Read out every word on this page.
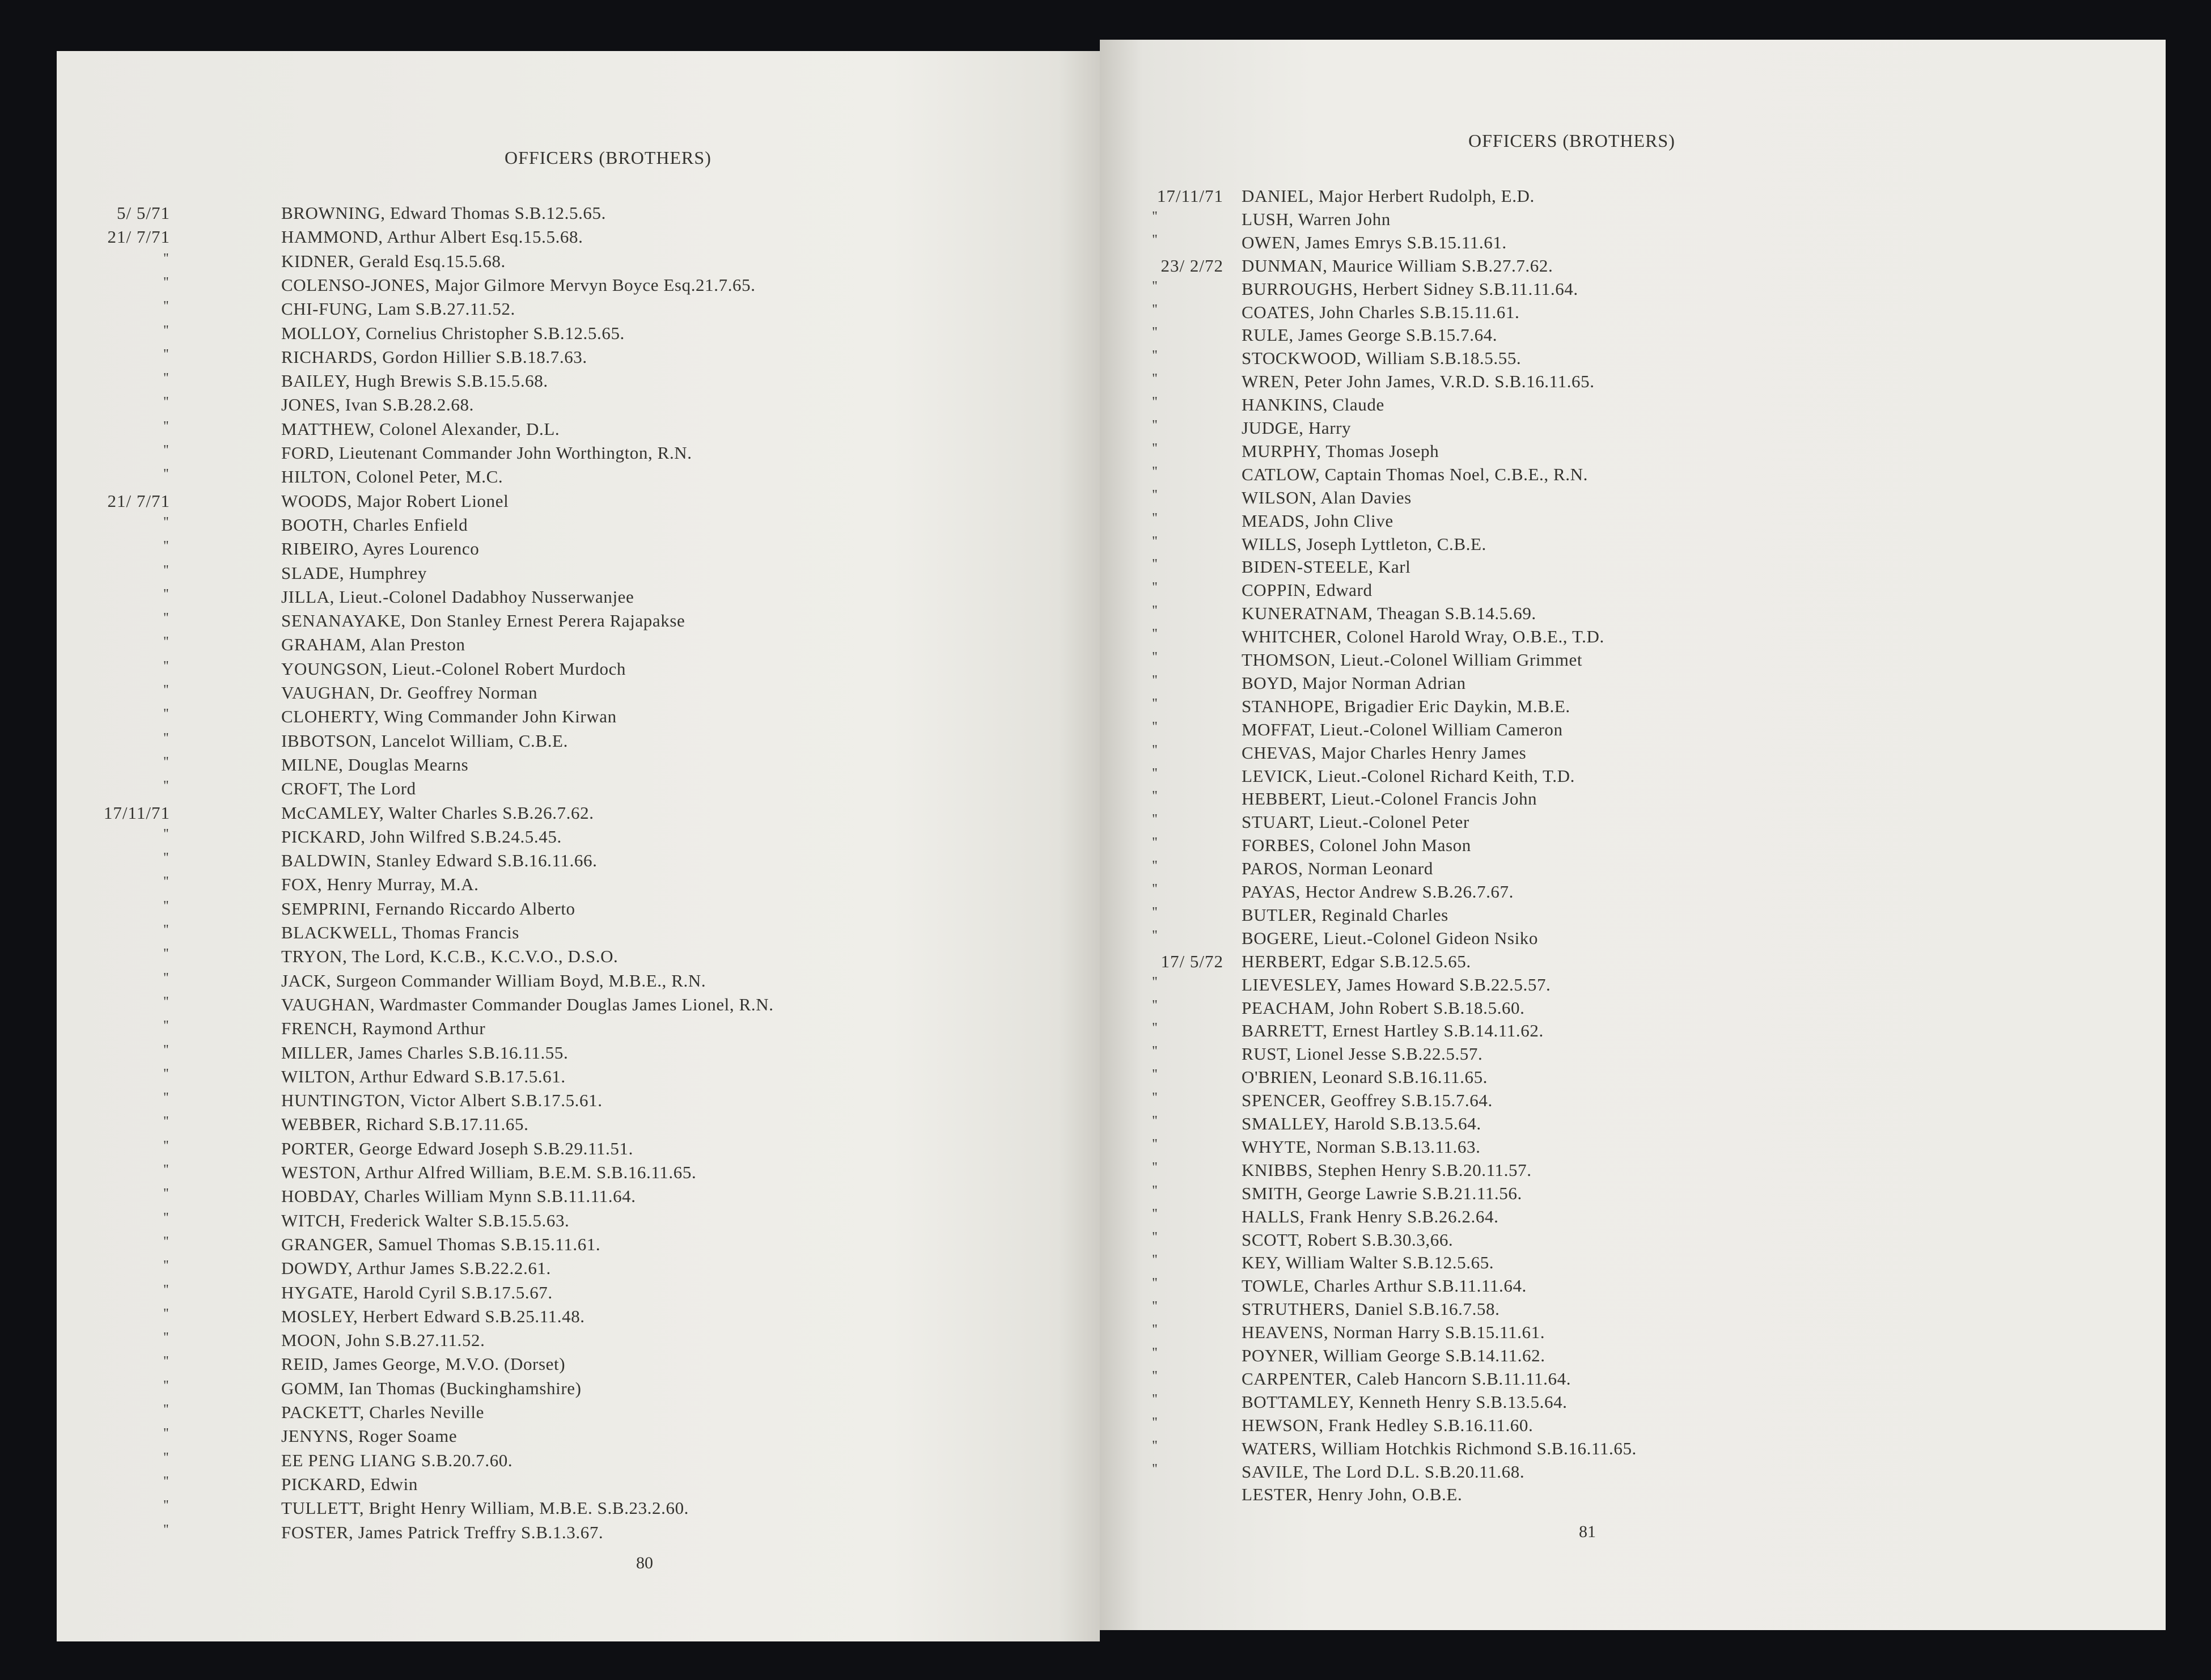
OFFICERS (BROTHERS)
5/ 5/71	BROWNING, Edward Thomas S.B.12.5.65.
21/ 7/71	HAMMOND, Arthur Albert Esq.15.5.68.
"	KIDNER, Gerald Esq.15.5.68.
"	COLENSO-JONES, Major Gilmore Mervyn Boyce Esq.21.7.65.
"	CHI-FUNG, Lam S.B.27.11.52.
"	MOLLOY, Cornelius Christopher S.B.12.5.65.
"	RICHARDS, Gordon Hillier S.B.18.7.63.
"	BAILEY, Hugh Brewis S.B.15.5.68.
"	JONES, Ivan S.B.28.2.68.
"	MATTHEW, Colonel Alexander, D.L.
"	FORD, Lieutenant Commander John Worthington, R.N.
"	HILTON, Colonel Peter, M.C.
21/ 7/71	WOODS, Major Robert Lionel
"	BOOTH, Charles Enfield
"	RIBEIRO, Ayres Lourenco
"	SLADE, Humphrey
"	JILLA, Lieut.-Colonel Dadabhoy Nusserwanjee
"	SENANAYAKE, Don Stanley Ernest Perera Rajapakse
"	GRAHAM, Alan Preston
"	YOUNGSON, Lieut.-Colonel Robert Murdoch
"	VAUGHAN, Dr. Geoffrey Norman
"	CLOHERTY, Wing Commander John Kirwan
"	IBBOTSON, Lancelot William, C.B.E.
"	MILNE, Douglas Mearns
"	CROFT, The Lord
17/11/71	McCAMLEY, Walter Charles S.B.26.7.62.
"	PICKARD, John Wilfred S.B.24.5.45.
"	BALDWIN, Stanley Edward S.B.16.11.66.
"	FOX, Henry Murray, M.A.
"	SEMPRINI, Fernando Riccardo Alberto
"	BLACKWELL, Thomas Francis
"	TRYON, The Lord, K.C.B., K.C.V.O., D.S.O.
"	JACK, Surgeon Commander William Boyd, M.B.E., R.N.
"	VAUGHAN, Wardmaster Commander Douglas James Lionel, R.N.
"	FRENCH, Raymond Arthur
"	MILLER, James Charles S.B.16.11.55.
"	WILTON, Arthur Edward S.B.17.5.61.
"	HUNTINGTON, Victor Albert S.B.17.5.61.
"	WEBBER, Richard S.B.17.11.65.
"	PORTER, George Edward Joseph S.B.29.11.51.
"	WESTON, Arthur Alfred William, B.E.M. S.B.16.11.65.
"	HOBDAY, Charles William Mynn S.B.11.11.64.
"	WITCH, Frederick Walter S.B.15.5.63.
"	GRANGER, Samuel Thomas S.B.15.11.61.
"	DOWDY, Arthur James S.B.22.2.61.
"	HYGATE, Harold Cyril S.B.17.5.67.
"	MOSLEY, Herbert Edward S.B.25.11.48.
"	MOON, John S.B.27.11.52.
"	REID, James George, M.V.O. (Dorset)
"	GOMM, Ian Thomas (Buckinghamshire)
"	PACKETT, Charles Neville
"	JENYNS, Roger Soame
"	EE PENG LIANG S.B.20.7.60.
"	PICKARD, Edwin
"	TULLETT, Bright Henry William, M.B.E. S.B.23.2.60.
"	FOSTER, James Patrick Treffry S.B.1.3.67.
80
OFFICERS (BROTHERS)
17/11/71 DANIEL, Major Herbert Rudolph, E.D.
"	LUSH, Warren John
"	OWEN, James Emrys S.B.15.11.61.
23/ 2/72 DUNMAN, Maurice William S.B.27.7.62.
"	BURROUGHS, Herbert Sidney S.B.11.11.64.
"	COATES, John Charles S.B.15.11.61.
"	RULE, James George S.B.15.7.64.
"	STOCKWOOD, William S.B.18.5.55.
"	WREN, Peter John James, V.R.D. S.B.16.11.65.
"	HANKINS, Claude
"	JUDGE, Harry
"	MURPHY, Thomas Joseph
"	CATLOW, Captain Thomas Noel, C.B.E., R.N.
"	WILSON, Alan Davies
"	MEADS, John Clive
"	WILLS, Joseph Lyttleton, C.B.E.
"	BIDEN-STEELE, Karl
"	COPPIN, Edward
"	KUNERATNAM, Theagan S.B.14.5.69.
"	WHITCHER, Colonel Harold Wray, O.B.E., T.D.
"	THOMSON, Lieut.-Colonel William Grimmet
"	BOYD, Major Norman Adrian
"	STANHOPE, Brigadier Eric Daykin, M.B.E.
"	MOFFAT, Lieut.-Colonel William Cameron
"	CHEVAS, Major Charles Henry James
"	LEVICK, Lieut.-Colonel Richard Keith, T.D.
"	HEBBERT, Lieut.-Colonel Francis John
"	STUART, Lieut.-Colonel Peter
"	FORBES, Colonel John Mason
"	PAROS, Norman Leonard
"	PAYAS, Hector Andrew S.B.26.7.67.
"	BUTLER, Reginald Charles
"	BOGERE, Lieut.-Colonel Gideon Nsiko
17/ 5/72 HERBERT, Edgar S.B.12.5.65.
"	LIEVESLEY, James Howard S.B.22.5.57.
"	PEACHAM, John Robert S.B.18.5.60.
"	BARRETT, Ernest Hartley S.B.14.11.62.
"	RUST, Lionel Jesse S.B.22.5.57.
"	O'BRIEN, Leonard S.B.16.11.65.
"	SPENCER, Geoffrey S.B.15.7.64.
"	SMALLEY, Harold S.B.13.5.64.
"	WHYTE, Norman S.B.13.11.63.
"	KNIBBS, Stephen Henry S.B.20.11.57.
"	SMITH, George Lawrie S.B.21.11.56.
"	HALLS, Frank Henry S.B.26.2.64.
"	SCOTT, Robert S.B.30.3,66.
"	KEY, William Walter S.B.12.5.65.
"	TOWLE, Charles Arthur S.B.11.11.64.
"	STRUTHERS, Daniel S.B.16.7.58.
"	HEAVENS, Norman Harry S.B.15.11.61.
"	POYNER, William George S.B.14.11.62.
"	CARPENTER, Caleb Hancorn S.B.11.11.64.
"	BOTTAMLEY, Kenneth Henry S.B.13.5.64.
"	HEWSON, Frank Hedley S.B.16.11.60.
"	WATERS, William Hotchkis Richmond S.B.16.11.65.
"	SAVILE, The Lord D.L. S.B.20.11.68.
LESTER, Henry John, O.B.E.
81
